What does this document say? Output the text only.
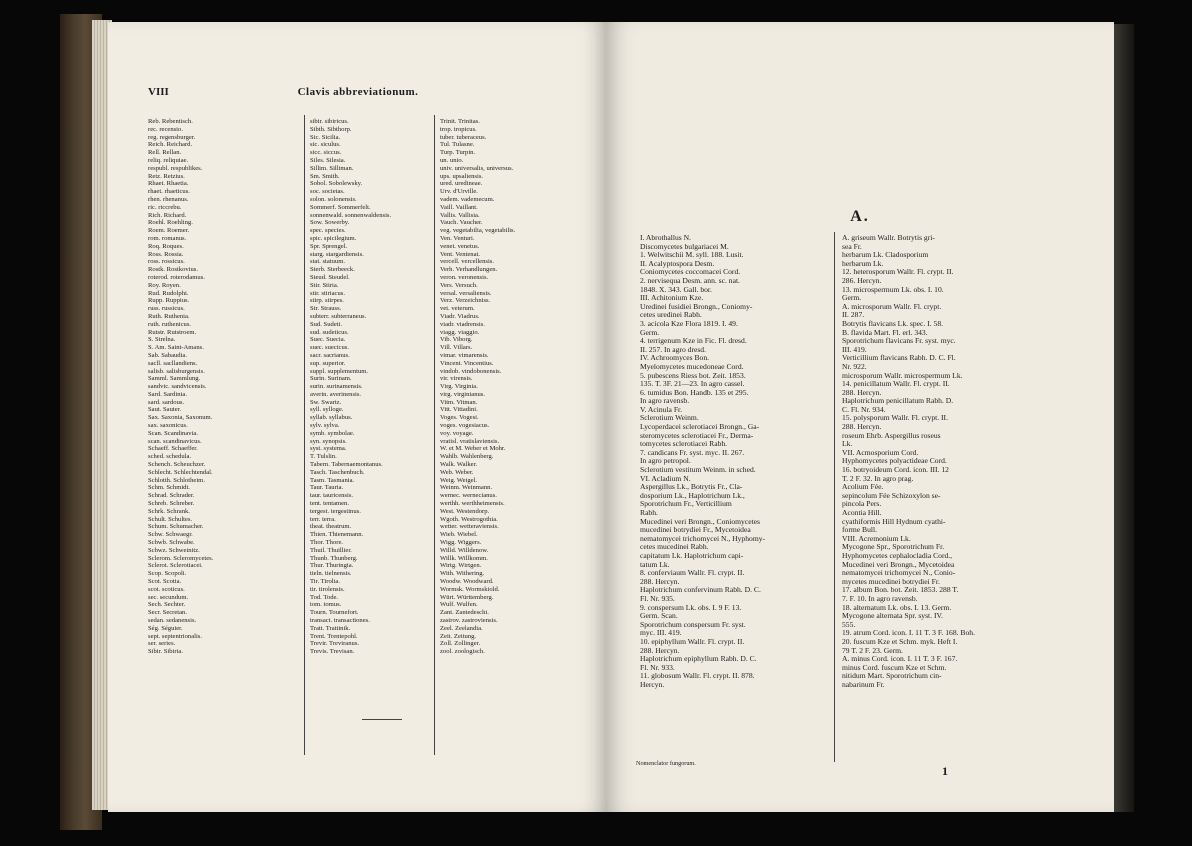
VIII	Clavis abbreviationum.
Reb. Rebentisch.
rec. recensio.
reg. regensburger.
Reich. Reichard.
Rell. Rellan.
reliq. reliquiae.
respubl. respublikes.
Retz. Retzius.
Rhaet. Rhaetia.
rhaet. rhaeticus.
rhen. rhenanus.
ric. riccrebu.
Rich. Richard.
Roehl. Roehling.
Roem. Roemer.
rom. romanus.
Roq. Roques.
Ross. Rossia.
ross. rossicus.
Rostk. Rostkovius.
roterod. roterodamus.
Roy. Royen.
Rud. Rudolphi.
Rupp. Ruppius.
russ. russicus.
Ruth. Ruthenia.
ruth. ruthenicus.
Rutstr. Rutstroem.
S. Strelna.
S. Am. Saint-Amans.
Sab. Sabaudia.
sacll. sacllandiens.
salisb. salisburgensis.
Samml. Sammlung.
sandvic. sandvicensis.
Sard. Sardinia.
sard. sardous.
Saut. Sauter.
Sax. Saxonia, Saxonum.
sax. saxonicus.
Scan. Scandinavia.
scan. scandinavicus.
Schaeff. Schaeffer.
sched. schedula.
Schench. Scheuchzer.
Schlecht. Schlechtendal.
Schlotth. Schlotheim.
Schm. Schmidt.
Schrad. Schrader.
Schreb. Schreber.
Schrk. Schrank.
Schult. Schultes.
Schum. Schumacher.
Schw. Schwaegr.
Schwb. Schwabe.
Schwz. Schweinitz.
Sclerom. Scleromycetes.
Sclerot. Sclerotiacei.
Scop. Scopoli.
Scot. Scotia.
scot. scoticus.
sec. secundum.
Sech. Sechter.
Secr. Secretan.
sedan. sedanensis.
Ség. Séguier.
sept. septentrionalis.
ser. series.
Sibir. Sibiria.
sibir. sibiricus.
Sibth. Sibthorp.
Sic. Sicilia.
sic. siculus.
sicc. siccus.
Siles. Silesia.
Sillim. Silliman.
Sm. Smith.
Sobol. Sobolewsky.
soc. societas.
solon. solonensis.
Sommerf. Sommerfelt.
sonnenwald. sonnenwaldensis.
Sow. Sowerby.
spec. species.
spic. spicilegium.
Spr. Sprengel.
starg. stargardiensis.
stat. statuum.
Sterb. Sterbeeck.
Steud. Steudel.
Stir. Stiria.
stir. stiriacus.
stirp. stirpes.
Str. Strauss.
subterr. subterraneus.
Sud. Sudeti.
sud. sudeticus.
Suec. Suecia.
suec. suecicus.
sacr. sacrianus.
sup. superior.
suppl. supplementum.
Surin. Surinam.
surin. surinamensis.
averin. averinensis.
Sw. Swartz.
syll. sylloge.
syllab. syllabus.
sylv. sylva.
symb. symbolae.
syn. synopsis.
syst. systema.
T. Tulslin.
Tabern. Tabernaemontanus.
Tasch. Taschenbuch.
Tasm. Tasmania.
Taur. Tauria.
taur. tauricensis.
tent. tentamen.
tergest. tergestinus.
terr. terra.
theat. theatrum.
Thien. Thienemann.
Thor. Thore.
Thuil. Thuillier.
Thunb. Thunberg.
Thur. Thuringia.
tieln. tielnensis.
Tir. Tirolia.
tir. tirolensis.
Tod. Tode.
tom. tomus.
Tourn. Tournefort.
transact. transactiones.
Tratt. Trattinik.
Trent. Trentepohl.
Trevir. Treviranus.
Trevis. Trevisan.
Trinit. Trinitas.
trop. tropicus.
tuber. tuberaceus.
Tul. Tulasne.
Turp. Turpin.
un. unio.
univ. universalis, universus.
ups. upsaliensis.
ured. uredineae.
Urv. d'Urville.
vadem. vademecum.
Vaill. Vaillant.
Vallis. Vallisia.
Vauch. Vaucher.
veg. vegetabilia, vegetabilis.
Ven. Venturi.
venet. venetus.
Vent. Ventenat.
vercell. vercellensis.
Verh. Verhandlungen.
veron. veronensis.
Vers. Versuch.
versal. versaliensis.
Verz. Verzeichniss.
vet. veterum.
Viadr. Viadrus.
viadr. viadrensis.
viagg. viaggio.
Vib. Viborg.
Vill. Villars.
vimar. vimarensis.
Vincent. Vincentius.
vindob. vindobonensis.
vir. virensis.
Virg. Virginia.
virg. virginianus.
Vitm. Vitman.
Vitt. Vittadini.
Voges. Vogesi.
voges. vogesiacus.
voy. voyage.
vratisl. vratislaviensis.
W. et M. Weber et Mohr.
Wahlb. Wahlenberg.
Walk. Walker.
Web. Weber.
Weig. Weigel.
Weinm. Weinmann.
wernec. wernecianus.
werthh. werthheimensis.
West. Westendorp.
Wgoth. Westrogothia.
wetter. wetteraviensis.
Wieb. Wiebel.
Wigg. Wiggers.
Willd. Willdenow.
Willk. Willkomm.
Wirtg. Wirtgen.
With. Withering.
Woodw. Woodward.
Wormsk. Wormskiold.
Würt. Württemberg.
Wulf. Wulfen.
Zant. Zantedeschi.
zastrov. zastroviensis.
Zeel. Zeelandia.
Zeit. Zeitung.
Zoll. Zollinger.
zool. zoologisch.
A.
I. Abrothallus N.
Discomycetes bulgariacei M.
1. Welwitschii M. syll. 188. Lusit.
II. Acalyptospora Desm.
Coniomycetes coccomacei Cord.
2. nervisequa Desm. ann. sc. nat.
1848. X. 343. Gall. bor.
III. Achitonium Kze.
Uredinei fusidiei Brongn., Coniomy-
cetes uredinei Rabh.
3. acicola Kze Flora 1819. I. 49.
Germ.
4. terrigenum Kze in Fic. Fl. dresd.
II. 257. In agro dresd.
IV. Achroomyces Bon.
Myelomycetes mucedoneae Cord.
5. pubescens Riess bot. Zeit. 1853.
135. T. 3F. 21—23. In agro cassel.
6. tumidus Bon. Handb. 135 et 295.
In agro ravensb.
V. Acinula Fr.
Sclerotium Weinm.
Lycoperdacei sclerotiacei Brongn., Ga-
steromycetes sclerotiacei Fr., Derma-
tomycetes sclerotiacei Rabh.
7. candicans Fr. syst. myc. II. 267.
In agro petropol.
Sclerotium vestitum Weinm. in sched.
VI. Acladium N.
Aspergillus Lk., Botrytis Fr., Cla-
dosporium Lk., Haplotrichum Lk.,
Sporotrichum Fr., Verticillium
Rabh.
Mucedinei veri Brongn., Coniomycetes
mucedinei botrydiei Fr., Mycetoidea
nematomycei trichomycei N., Hyphomy-
cetes mucedinei Rabh.
capitatum Lk. Haplotrichum capi-
tatum Lk.
8. conferviaum Wallr. Fl. crypt. II.
288. Hercyn.
Haplotrichum confervinum Rabh. D. C.
Fl. Nr. 935.
9. conspersum Lk. obs. I. 9 F. 13.
Germ. Scan.
Sporotrichum conspersum Fr. syst.
myc. III. 419.
10. epiphyllum Wallr. Fl. crypt. II.
288. Hercyn.
Haplotrichum epiphyllum Rabh. D. C.
Fl. Nr. 933.
11. globosum Wallr. Fl. crypt. II. 878.
Hercyn.
A. griseum Wallr. Botrytis gri-
sea Fr.
herbarum Lk. Cladosporium
herbarum Lk.
12. heterosporum Wallr. Fl. crypt. II.
286. Hercyn.
13. microspermum Lk. obs. I. 10.
Germ.
A. microsporum Wallr. Fl. crypt.
II. 287.
Botrytis flavicans Lk. spec. I. 58.
B. flavida Mart. Fl. erl. 343.
Sporotrichum flavicans Fr. syst. myc.
III. 419.
Verticillium flavicans Rabh. D. C. Fl.
Nr. 922.
microsporum Wallr. microspermum Lk.
14. penicillatum Wallr. Fl. crypt. II.
288. Hercyn.
Haplotrichum penicillatum Rabh. D.
C. Fl. Nr. 934.
15. polysporum Wallr. Fl. crypt. II.
288. Hercyn.
roseum Ehrb. Aspergillus roseus
Lk.
VII. Acmosporium Cord.
Hyphomycetes polyactideae Cord.
16. botryoideum Cord. icon. III. 12
T. 2 F. 32. In agro prag.
Acolium Fée.
sepincolum Fée Schizoxylon se-
pincola Pers.
Acontia Hill.
cyathiformis Hill Hydnum cyathi-
forme Bull.
VIII. Acremonium Lk.
Mycogone Spr., Sporotrichum Fr.
Hyphomycetes cephalocladia Cord.,
Mucedinei veri Brongn., Mycetoidea
nematomycei trichomycei N., Conio-
mycetes mucedinei botrydiei Fr.
17. album Bon. bot. Zeit. 1853. 288 T.
7. F. 10. In agro ravensb.
18. alternatum Lk. obs. I. 13. Germ.
Mycogone alternata Spr. syst. IV.
555.
19. atrum Cord. icon. I. 11 T. 3 F. 168. Boh.
20. fuscum Kze et Schm. myk. Heft I.
79 T. 2 F. 23. Germ.
A. minus Cord. icon. I. 11 T. 3 F. 167.
minus Cord. fuscum Kze et Schm.
nitidum Mart. Sporotrichum cin-
nabarinum Fr.
Nomenclator fungorum.
1
